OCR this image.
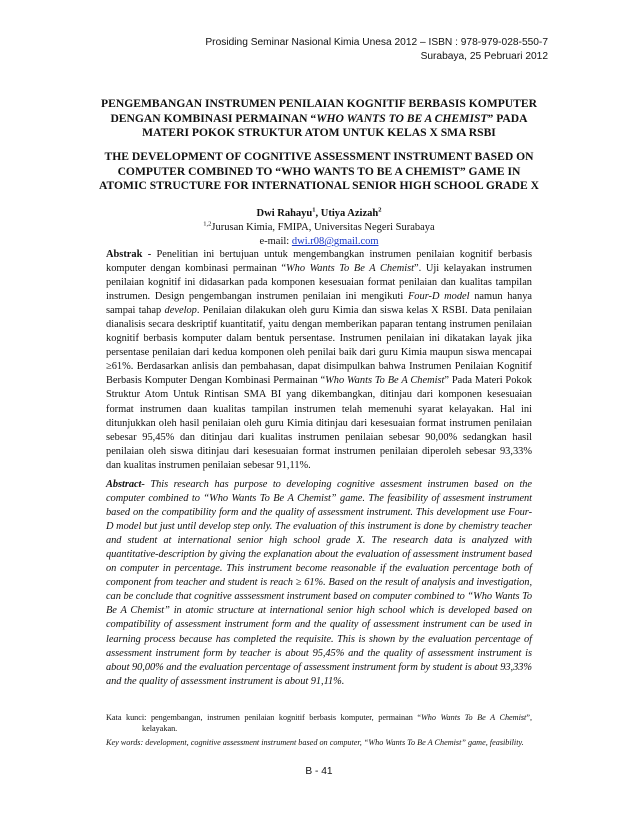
Prosiding Seminar Nasional Kimia Unesa 2012 – ISBN : 978-979-028-550-7
Surabaya, 25 Pebruari 2012
PENGEMBANGAN INSTRUMEN PENILAIAN KOGNITIF BERBASIS KOMPUTER
DENGAN KOMBINASI PERMAINAN “WHO WANTS TO BE A CHEMIST” PADA
MATERI POKOK STRUKTUR ATOM UNTUK KELAS X SMA RSBI
THE DEVELOPMENT OF COGNITIVE ASSESSMENT INSTRUMENT BASED ON
COMPUTER COMBINED TO “WHO WANTS TO BE A CHEMIST” GAME IN
ATOMIC STRUCTURE FOR INTERNATIONAL SENIOR HIGH SCHOOL GRADE X
Dwi Rahayu$^1$, Utiya Azizah$^2$
$^{1,2}$Jurusan Kimia, FMIPA, Universitas Negeri Surabaya
e-mail: dwi.r08@gmail.com

Abstrak - Penelitian ini bertujuan untuk mengembangkan instrumen penilaian kognitif berbasis komputer dengan kombinasi permainan “Who Wants To Be A Chemist”. Uji kelayakan instrumen penilaian kognitif ini didasarkan pada komponen kesesuaian format penilaian dan kualitas tampilan instrumen. Design pengembangan instrumen penilaian ini mengikuti Four-D model namun hanya sampai tahap develop. Penilaian dilakukan oleh guru Kimia dan siswa kelas X RSBI. Data penilaian dianalisis secara deskriptif kuantitatif, yaitu dengan memberikan paparan tentang instrumen penilaian kognitif berbasis komputer dalam bentuk persentase. Instrumen penilaian ini dikatakan layak jika persentase penilaian dari kedua komponen oleh penilai baik dari guru Kimia maupun siswa mencapai ≥61%. Berdasarkan anlisis dan pembahasan, dapat disimpulkan bahwa Instrumen Penilaian Kognitif Berbasis Komputer Dengan Kombinasi Permainan “Who Wants To Be A Chemist” Pada Materi Pokok Struktur Atom Untuk Rintisan SMA BI yang dikembangkan, ditinjau dari komponen kesesuaian format instrumen daan kualitas tampilan instrumen telah memenuhi syarat kelayakan. Hal ini ditunjukkan oleh hasil penilaian oleh guru Kimia ditinjau dari kesesuaian format instrumen penilaian sebesar 95,45% dan ditinjau dari kualitas instrumen penilaian sebesar 90,00% sedangkan hasil penilaian oleh siswa ditinjau dari kesesuaian format instrumen penilaian diperoleh sebesar 93,33% dan kualitas instrumen penilaian sebesar 91,11%.

Abstract- This research has purpose to developing cognitive assesment instrumen based on the computer combined to “Who Wants To Be A Chemist” game. The feasibility of assesment instrument based on the compatibility form and the quality of assessment instrument. This development use Four-D model but just until develop step only. The evaluation of this instrument is done by chemistry teacher and student at international senior high school grade X. The research data is analyzed with quantitative-description by giving the explanation about the evaluation of assessment instrument based on computer in percentage. This instrument become reasonable if the evaluation percentage both of component from teacher and student is reach ≥ 61%. Based on the result of analysis and investigation, can be conclude that cognitive asssessment instrument based on computer combined to “Who Wants To Be A Chemist” in atomic structure at international senior high school which is developed based on compatibility of assessment instrument form and the quality of assessment instrument can be used in learning process because has completed the requisite. This is shown by the evaluation percentage of assessment instrument form by teacher is about 95,45% and the quality of assessment instrument is about 90,00% and the evaluation percentage of assessment instrument form by student is about 93,33% and the quality of assessment instrument is about 91,11%.

Kata kunci: pengembangan, instrumen penilaian kognitif berbasis komputer, permainan “Who Wants To Be A Chemist”, kelayakan.

Key words: development, cognitive assessment instrument based on computer, “Who Wants To Be A Chemist” game, feasibility.

B - 41
